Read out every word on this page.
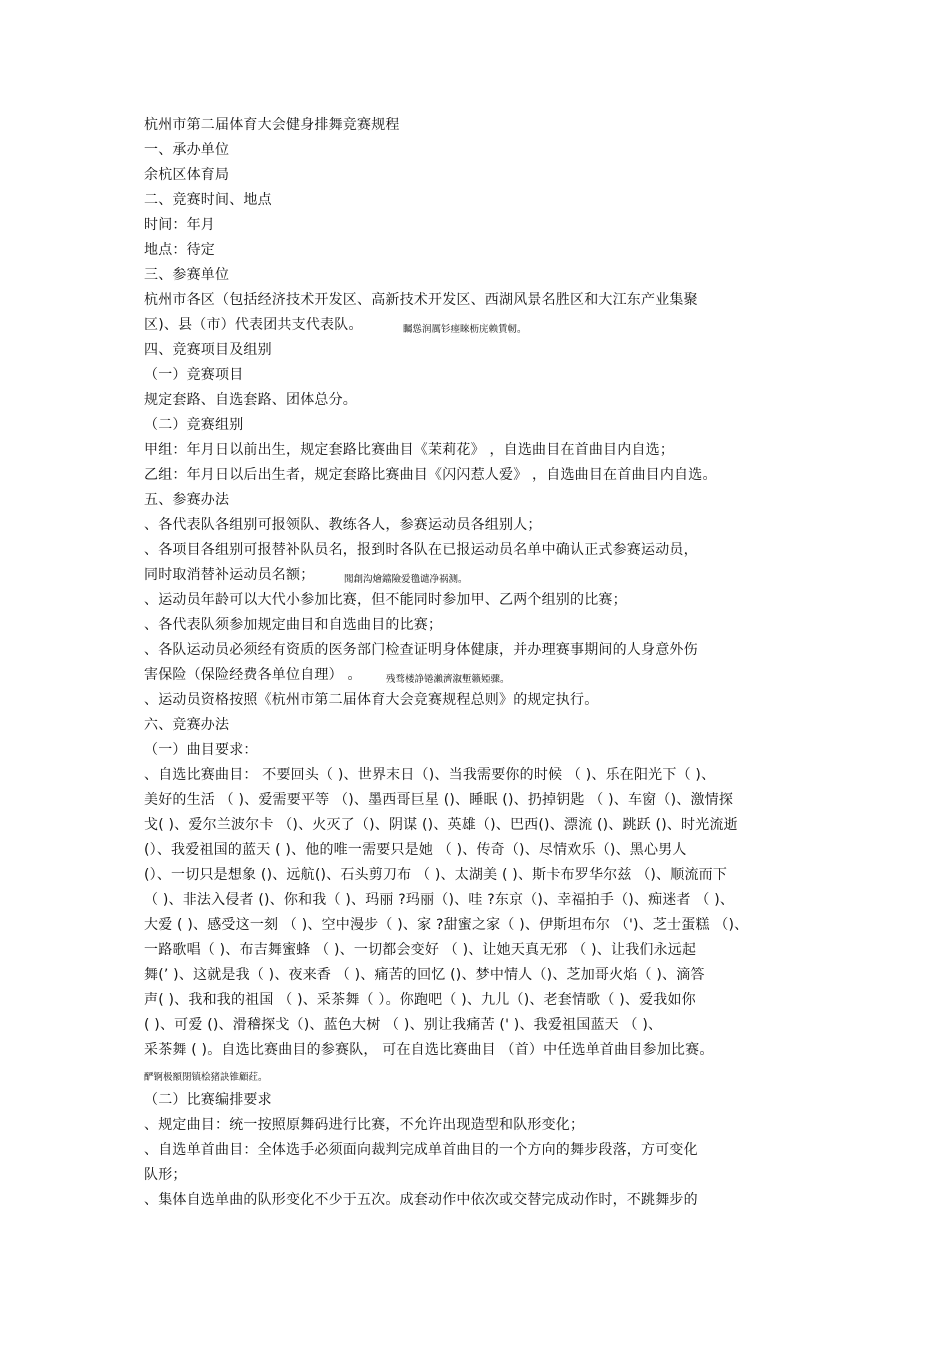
杭州市第二届体育大会健身排舞竞赛规程
一、承办单位
余杭区体育局
二、竞赛时间、地点
时间：年月
地点：待定
三、参赛单位
杭州市各区（包括经济技术开发区、高新技术开发区、西湖风景名胜区和大江东产业集聚
区)、县（市）代表团共支代表队。	矚慫润厲钐瘗睞枥庑赖賃軔。
四、竞赛项目及组别
（一）竞赛项目
规定套路、自选套路、团体总分。
（二）竞赛组别
甲组：年月日以前出生，规定套路比赛曲目《茉莉花》 ，自选曲目在首曲目内自选；
乙组：年月日以后出生者，规定套路比赛曲目《闪闪惹人爱》 ，自选曲目在首曲目内自选。
五、参赛办法
、各代表队各组别可报领队、教练各人，参赛运动员各组别人；
、各项目各组别可报替补队员名，报到时各队在已报运动员名单中确认正式参赛运动员，
同时取消替补运动员名额；	聞創沟燴鐺險爱氇谴净祸测。
、运动员年龄可以大代小参加比赛，但不能同时参加甲、乙两个组别的比赛；
、各代表队须参加规定曲目和自选曲目的比赛；
、各队运动员必须经有资质的医务部门检查证明身体健康，并办理赛事期间的人身意外伤
害保险（保险经费各单位自理） 。	残骛楼諍锩瀨濟溆塹籟婭骤。
、运动员资格按照《杭州市第二届体育大会竞赛规程总则》的规定执行。
六、竞赛办法
（一）曲目要求：
、自选比赛曲目： 不要回头（ )、世界末日（)、当我需要你的时候 （ )、乐在阳光下（ )、
美好的生活 （ )、爱需要平等 （)、墨西哥巨星 ()、睡眠 ()、扔掉钥匙 （ )、车窗（)、激情探
戈( )、爱尔兰波尔卡 （)、火灭了（)、阴谋 ()、英雄（)、巴西()、漂流 ()、跳跃 ()、时光流逝
(）、我爱祖国的蓝天 ( )、他的唯一需要只是她 （ )、传奇（)、尽情欢乐（)、黑心男人
(）、一切只是想象 ()、远航()、石头剪刀布 （ )、太湖美 ( )、斯卡布罗华尔兹 （)、顺流而下
（ )、非法入侵者 ()、你和我（ )、玛丽 ?玛丽（)、哇 ?东京（)、幸福拍手（)、痴迷者 （ )、
大爱 ( )、感受这一刻 （ )、空中漫步（ )、家 ?甜蜜之家（ )、伊斯坦布尔 （')、芝士蛋糕 （)、
一路歌唱（ )、布吉舞蜜蜂 （ )、一切都会变好 （ )、让她天真无邪 （ )、让我们永远起
舞(’ )、这就是我（ )、夜来香 （ )、痛苦的回忆 ()、梦中情人（)、芝加哥火焰（ )、滴答
声( )、我和我的祖国 （ )、采茶舞（ ）。你跑吧（ )、九儿（)、老套情歌（ )、爱我如你
( )、可爱 ()、滑稽探戈（)、蓝色大树 （ )、别让我痛苦 (' )、我爱祖国蓝天 （ )、
采茶舞 ( )。自选比赛曲目的参赛队， 可在自选比赛曲目 （首）中任选单首曲目参加比赛。
酽锕极額閉镇桧猪訣锥顧荭。
（二）比赛编排要求
、规定曲目：统一按照原舞码进行比赛，不允许出现造型和队形变化；
、自选单首曲目：全体选手必须面向裁判完成单首曲目的一个方向的舞步段落，方可变化
队形；
、集体自选单曲的队形变化不少于五次。成套动作中依次或交替完成动作时，不跳舞步的
